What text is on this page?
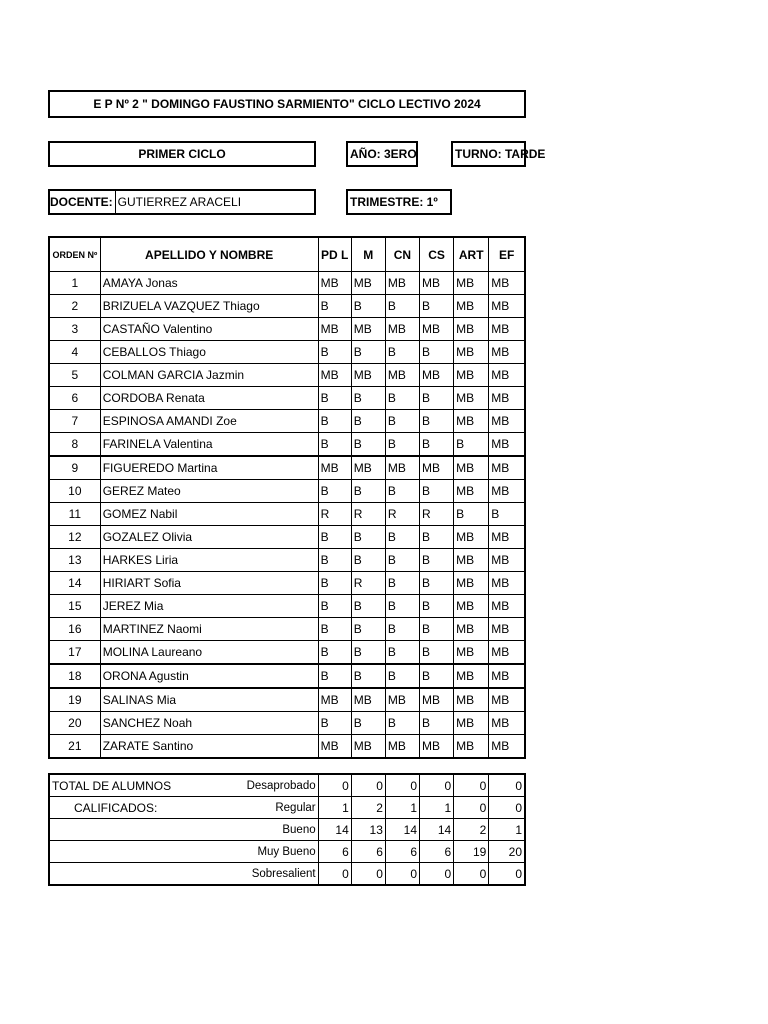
E P Nº 2 " DOMINGO FAUSTINO SARMIENTO" CICLO LECTIVO 2024
PRIMER CICLO	AÑO: 3ERO	TURNO: TARDE
DOCENTE: GUTIERREZ ARACELI	TRIMESTRE: 1º
ORDEN Nº	APELLIDO Y NOMBRE	PD L	M	CN	CS	ART	EF
1	AMAYA Jonas	MB	MB	MB	MB	MB	MB
2	BRIZUELA VAZQUEZ Thiago	B	B	B	B	MB	MB
3	CASTAÑO Valentino	MB	MB	MB	MB	MB	MB
4	CEBALLOS Thiago	B	B	B	B	MB	MB
5	COLMAN GARCIA Jazmin	MB	MB	MB	MB	MB	MB
6	CORDOBA Renata	B	B	B	B	MB	MB
7	ESPINOSA AMANDI Zoe	B	B	B	B	MB	MB
8	FARINELA Valentina	B	B	B	B	B	MB
9	FIGUEREDO Martina	MB	MB	MB	MB	MB	MB
10	GEREZ Mateo	B	B	B	B	MB	MB
11	GOMEZ Nabil	R	R	R	R	B	B
12	GOZALEZ Olivia	B	B	B	B	MB	MB
13	HARKES Liria	B	B	B	B	MB	MB
14	HIRIART Sofia	B	R	B	B	MB	MB
15	JEREZ Mia	B	B	B	B	MB	MB
16	MARTINEZ Naomi	B	B	B	B	MB	MB
17	MOLINA Laureano	B	B	B	B	MB	MB
18	ORONA Agustin	B	B	B	B	MB	MB
19	SALINAS Mia	MB	MB	MB	MB	MB	MB
20	SANCHEZ Noah	B	B	B	B	MB	MB
21	ZARATE Santino	MB	MB	MB	MB	MB	MB
TOTAL DE ALUMNOS	Desaprobado	0	0	0	0	0	0
CALIFICADOS:	Regular	1	2	1	1	0	0
	Bueno	14	13	14	14	2	1
	Muy Bueno	6	6	6	6	19	20
	Sobresalient	0	0	0	0	0	0
